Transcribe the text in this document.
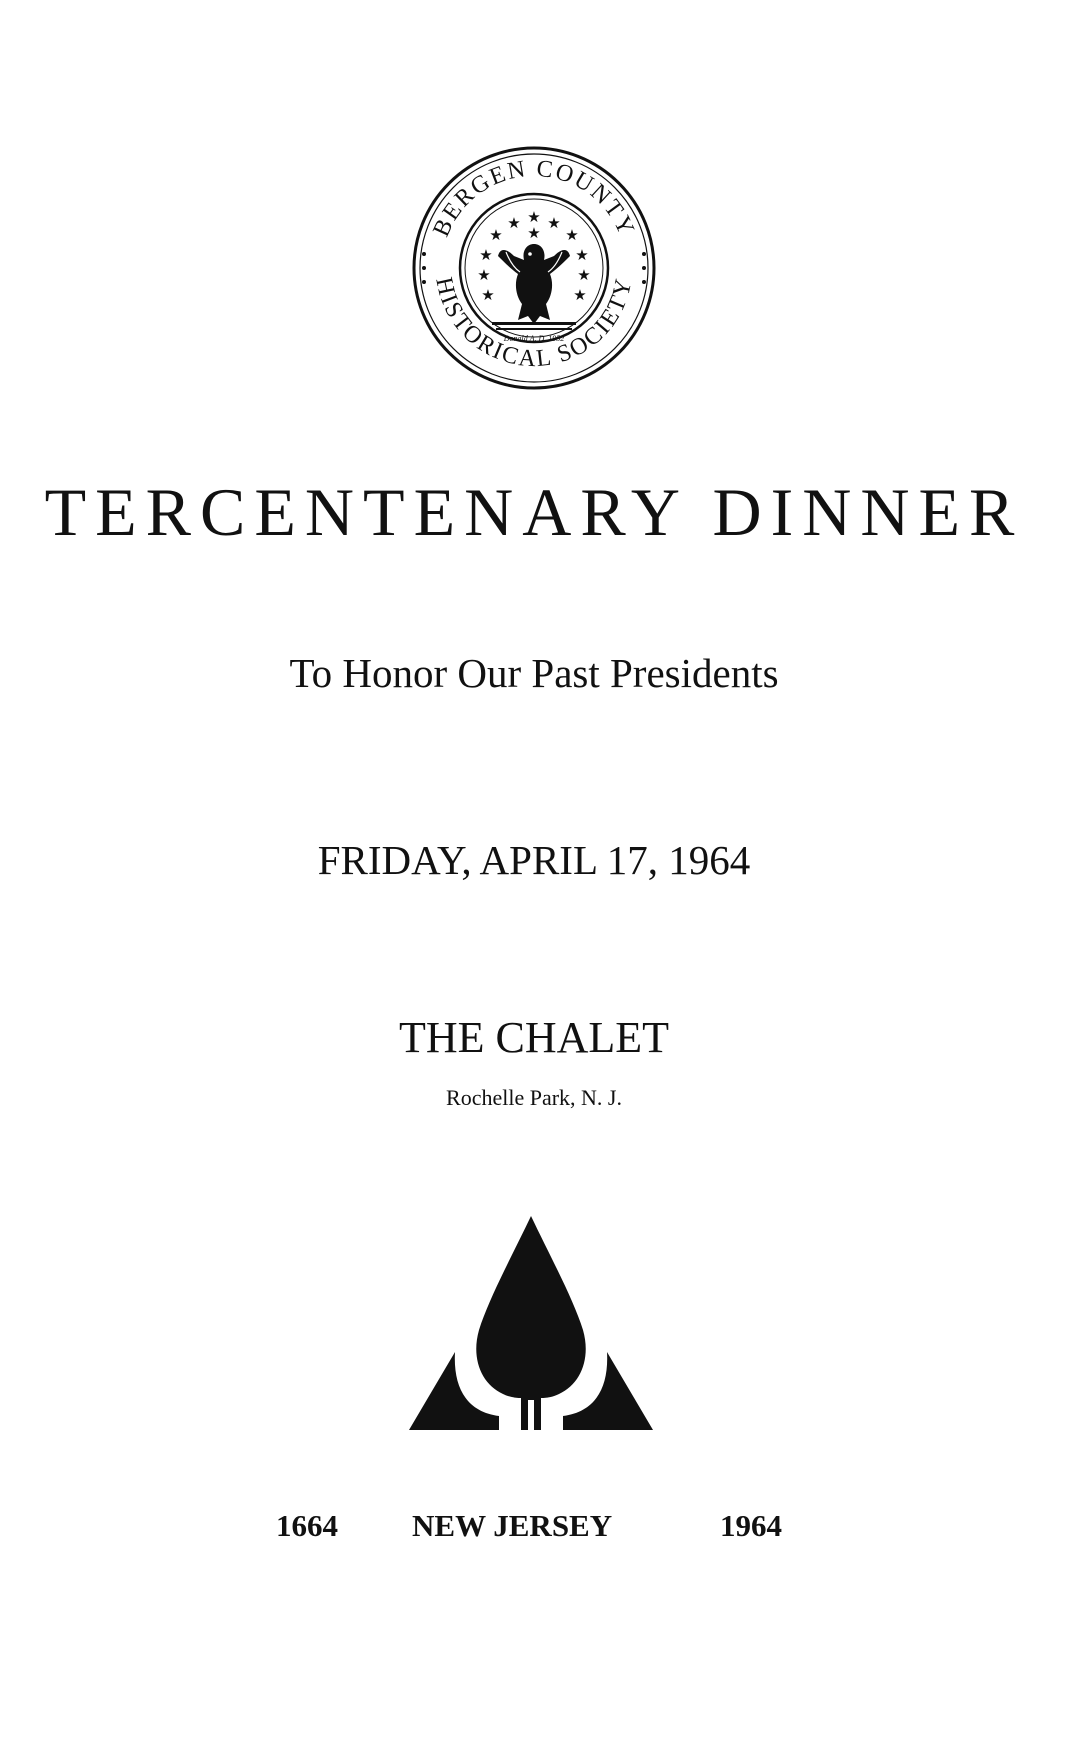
BERGEN COUNTY
HISTORICAL SOCIETY
★
★ ★
★
★	★
★	★
★	★
★	★
Donald A. D. 1952
TERCENTENARY DINNER
To Honor Our Past Presidents
FRIDAY, APRIL 17, 1964
THE CHALET
Rochelle Park, N. J.
1664 NEW JERSEY	1964
